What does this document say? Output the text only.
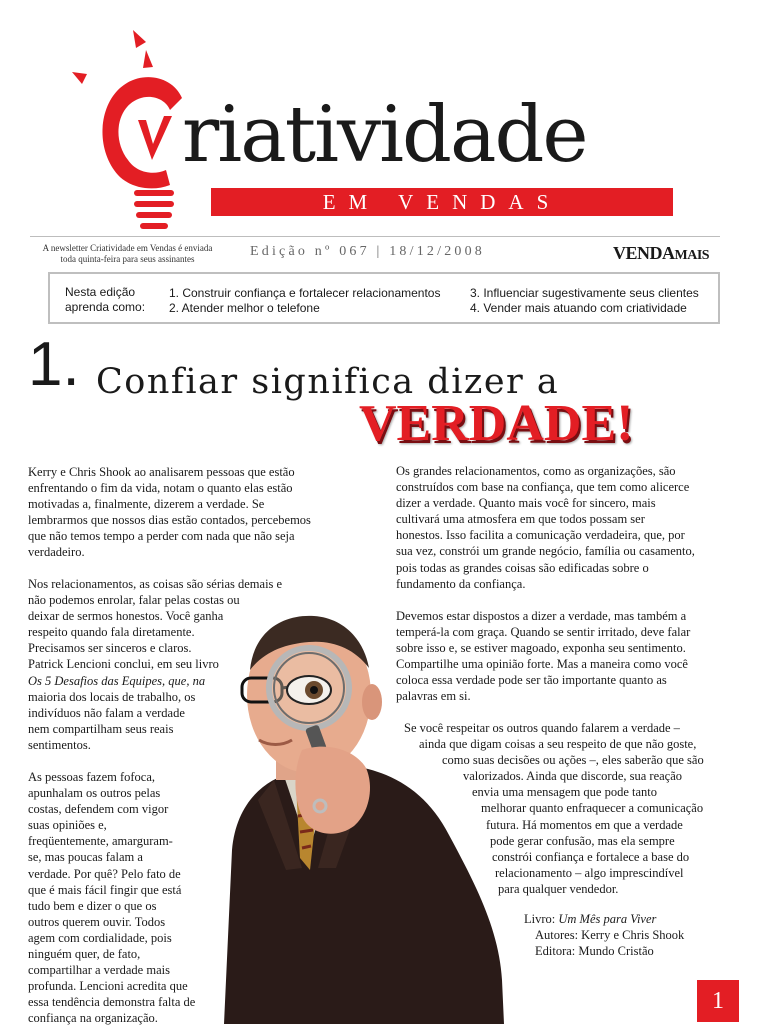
riatividade
EM VENDAS
A newsletter Criatividade em Vendas é enviada
toda quinta-feira para seus assinantes	Edição nº 067 | 18/12/2008	VENDAMAIS
Nesta edição
aprenda como:
1. Construir confiança e fortalecer relacionamentos
2. Atender melhor o telefone
3. Influenciar sugestivamente seus clientes
4. Vender mais atuando com criatividade
1. Confiar significa dizer a
VERDADE!
Kerry e Chris Shook ao analisarem pessoas que estão
enfrentando o fim da vida, notam o quanto elas estão
motivadas a, finalmente, dizerem a verdade. Se
lembrarmos que nossos dias estão contados, percebemos
que não temos tempo a perder com nada que não seja
verdadeiro.
Nos relacionamentos, as coisas são sérias demais e
não podemos enrolar, falar pelas costas ou
deixar de sermos honestos. Você ganha
respeito quando fala diretamente.
Precisamos ser sinceros e claros.
Patrick Lencioni conclui, em seu livro
Os 5 Desafios das Equipes, que, na
maioria dos locais de trabalho, os
indivíduos não falam a verdade
nem compartilham seus reais
sentimentos.
As pessoas fazem fofoca,
apunhalam os outros pelas
costas, defendem com vigor
suas opiniões e,
freqüentemente, amarguram-
se, mas poucas falam a
verdade. Por quê? Pelo fato de
que é mais fácil fingir que está
tudo bem e dizer o que os
outros querem ouvir. Todos
agem com cordialidade, pois
ninguém quer, de fato,
compartilhar a verdade mais
profunda. Lencioni acredita que
essa tendência demonstra falta de
confiança na organização.
Os grandes relacionamentos, como as organizações, são
construídos com base na confiança, que tem como alicerce
dizer a verdade. Quanto mais você for sincero, mais
cultivará uma atmosfera em que todos possam ser
honestos. Isso facilita a comunicação verdadeira, que, por
sua vez, constrói um grande negócio, família ou casamento,
pois todas as grandes coisas são edificadas sobre o
fundamento da confiança.
Devemos estar dispostos a dizer a verdade, mas também a
temperá-la com graça. Quando se sentir irritado, deve falar
sobre isso e, se estiver magoado, exponha seu sentimento.
Compartilhe uma opinião forte. Mas a maneira como você
coloca essa verdade pode ser tão importante quanto as
palavras em si.
Se você respeitar os outros quando falarem a verdade –
ainda que digam coisas a seu respeito de que não goste,
como suas decisões ou ações –, eles saberão que são
valorizados. Ainda que discorde, sua reação
envia uma mensagem que pode tanto
melhorar quanto enfraquecer a comunicação
futura. Há momentos em que a verdade
pode gerar confusão, mas ela sempre
constrói confiança e fortalece a base do
relacionamento – algo imprescindível
para qualquer vendedor.
Livro: Um Mês para Viver
Autores: Kerry e Chris Shook
Editora: Mundo Cristão
1
